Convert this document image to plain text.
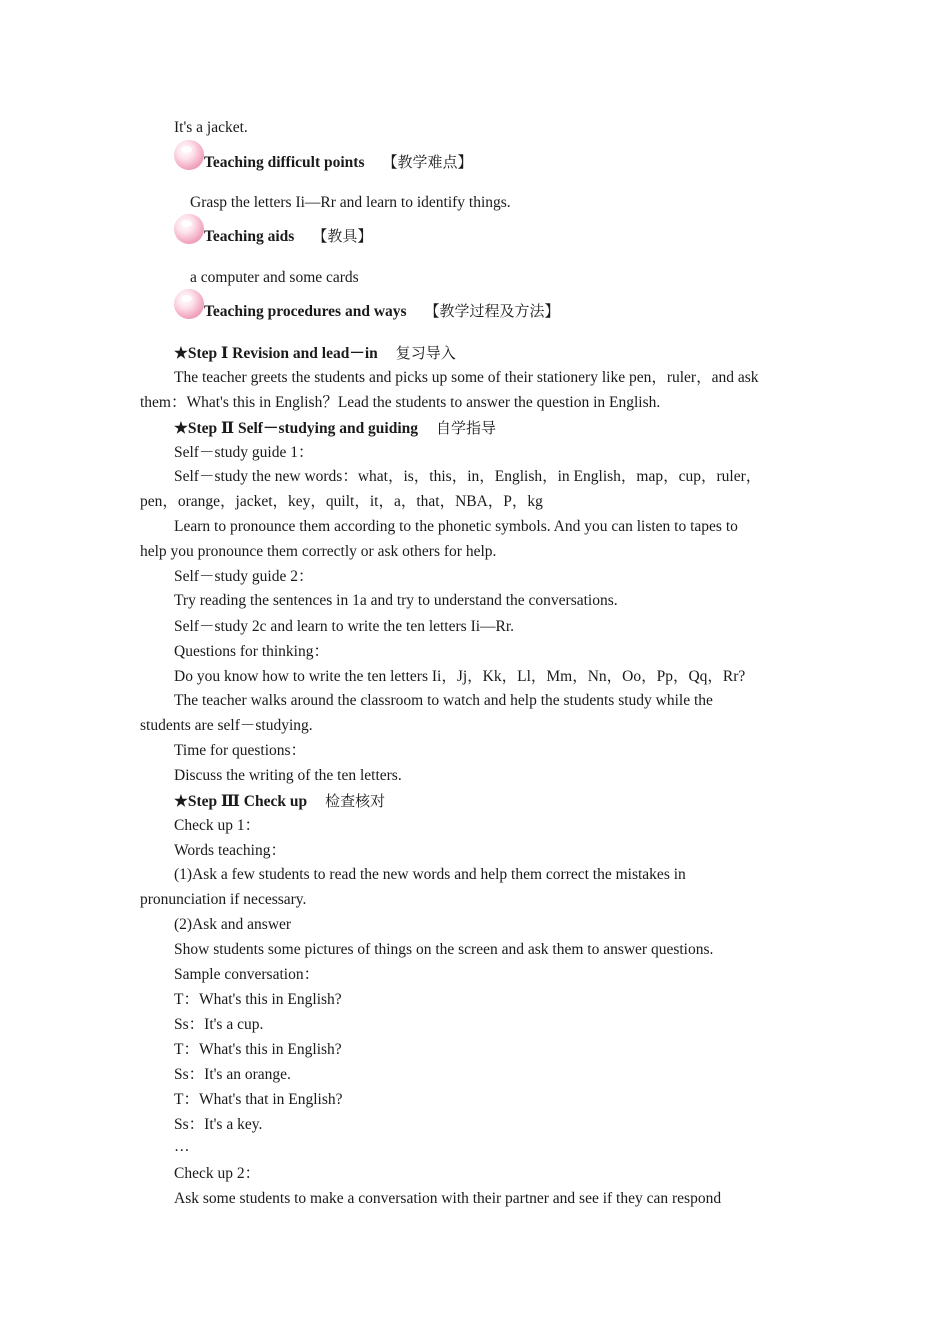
It's a jacket.
Teaching difficult points 【教学难点】
Grasp the letters Ii—Rr and learn to identify things.
Teaching aids 【教具】
a computer and some cards
Teaching procedures and ways 【教学过程及方法】
★Step Ⅰ Revision and lead－in 复习导入
The teacher greets the students and picks up some of their stationery like pen，ruler，and ask
them：What's this in English？Lead the students to answer the question in English.
★Step Ⅱ Self－studying and guiding 自学指导
Self－study guide 1：
Self－study the new words：what，is，this，in，English，in English，map，cup，ruler，
pen，orange，jacket，key，quilt，it，a，that，NBA，P，kg
Learn to pronounce them according to the phonetic symbols. And you can listen to tapes to
help you pronounce them correctly or ask others for help.
Self－study guide 2：
Try reading the sentences in 1a and try to understand the conversations.
Self－study 2c and learn to write the ten letters Ii—Rr.
Questions for thinking：
Do you know how to write the ten letters Ii，Jj，Kk，Ll，Mm，Nn，Oo，Pp，Qq，Rr?
The teacher walks around the classroom to watch and help the students study while the
students are self－studying.
Time for questions：
Discuss the writing of the ten letters.
★Step Ⅲ Check up 检查核对
Check up 1：
Words teaching：
(1)Ask a few students to read the new words and help them correct the mistakes in
pronunciation if necessary.
(2)Ask and answer
Show students some pictures of things on the screen and ask them to answer questions.
Sample conversation：
T：What's this in English?
Ss：It's a cup.
T：What's this in English?
Ss：It's an orange.
T：What's that in English?
Ss：It's a key.
…
Check up 2：
Ask some students to make a conversation with their partner and see if they can respond
